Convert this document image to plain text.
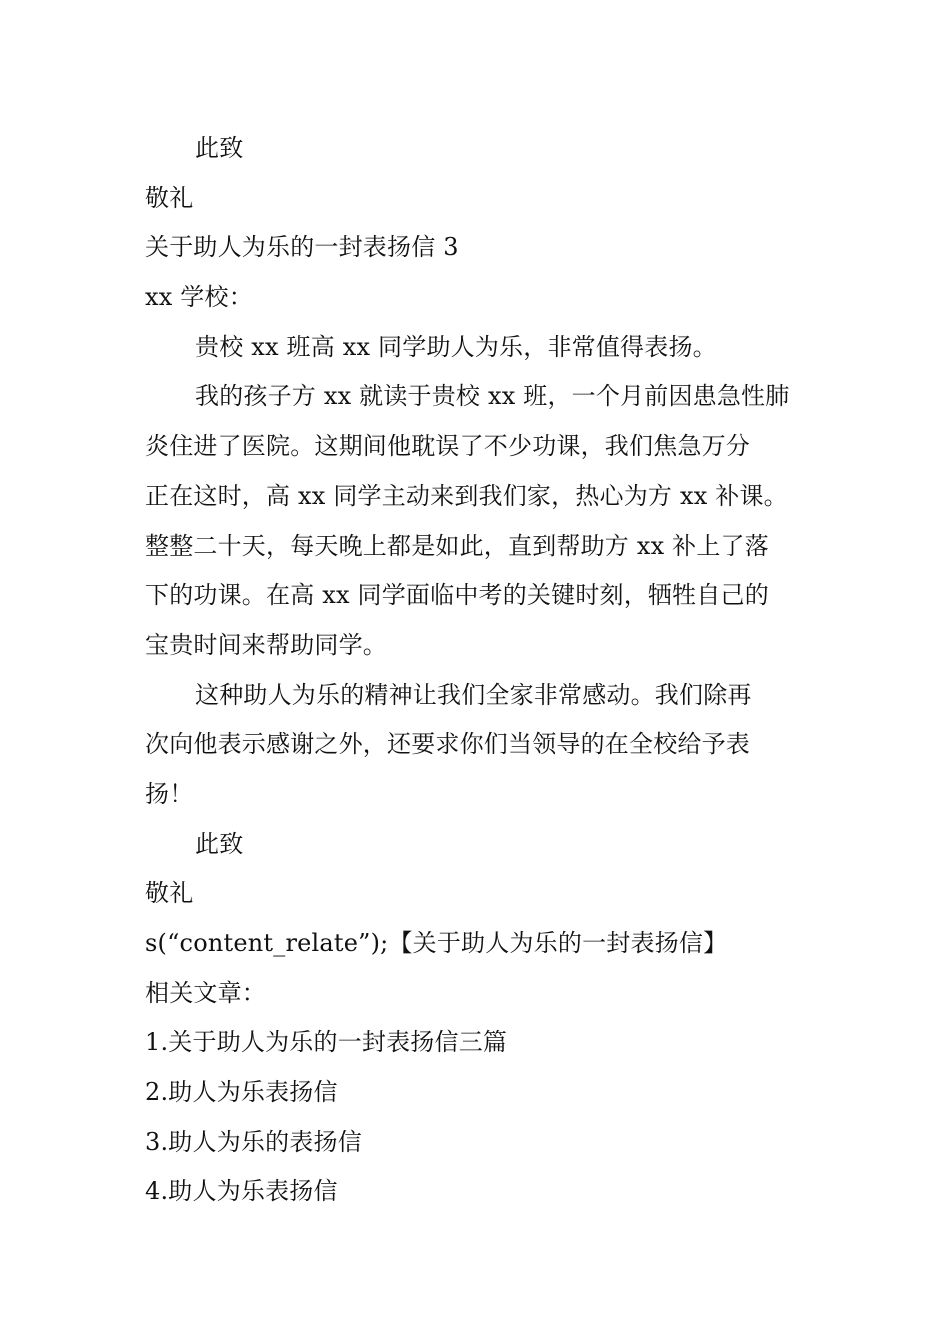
此致
敬礼
关于助人为乐的一封表扬信 3
xx 学校：
贵校 xx 班高 xx 同学助人为乐，非常值得表扬。
我的孩子方 xx 就读于贵校 xx 班，一个月前因患急性肺
炎住进了医院。这期间他耽误了不少功课，我们焦急万分
正在这时，高 xx 同学主动来到我们家，热心为方 xx 补课。
整整二十天，每天晚上都是如此，直到帮助方 xx 补上了落
下的功课。在高 xx 同学面临中考的关键时刻，牺牲自己的
宝贵时间来帮助同学。
这种助人为乐的精神让我们全家非常感动。我们除再
次向他表示感谢之外，还要求你们当领导的在全校给予表
扬！
此致
敬礼
s(“content_relate”);【关于助人为乐的一封表扬信】
相关文章：
1.关于助人为乐的一封表扬信三篇
2.助人为乐表扬信
3.助人为乐的表扬信
4.助人为乐表扬信
